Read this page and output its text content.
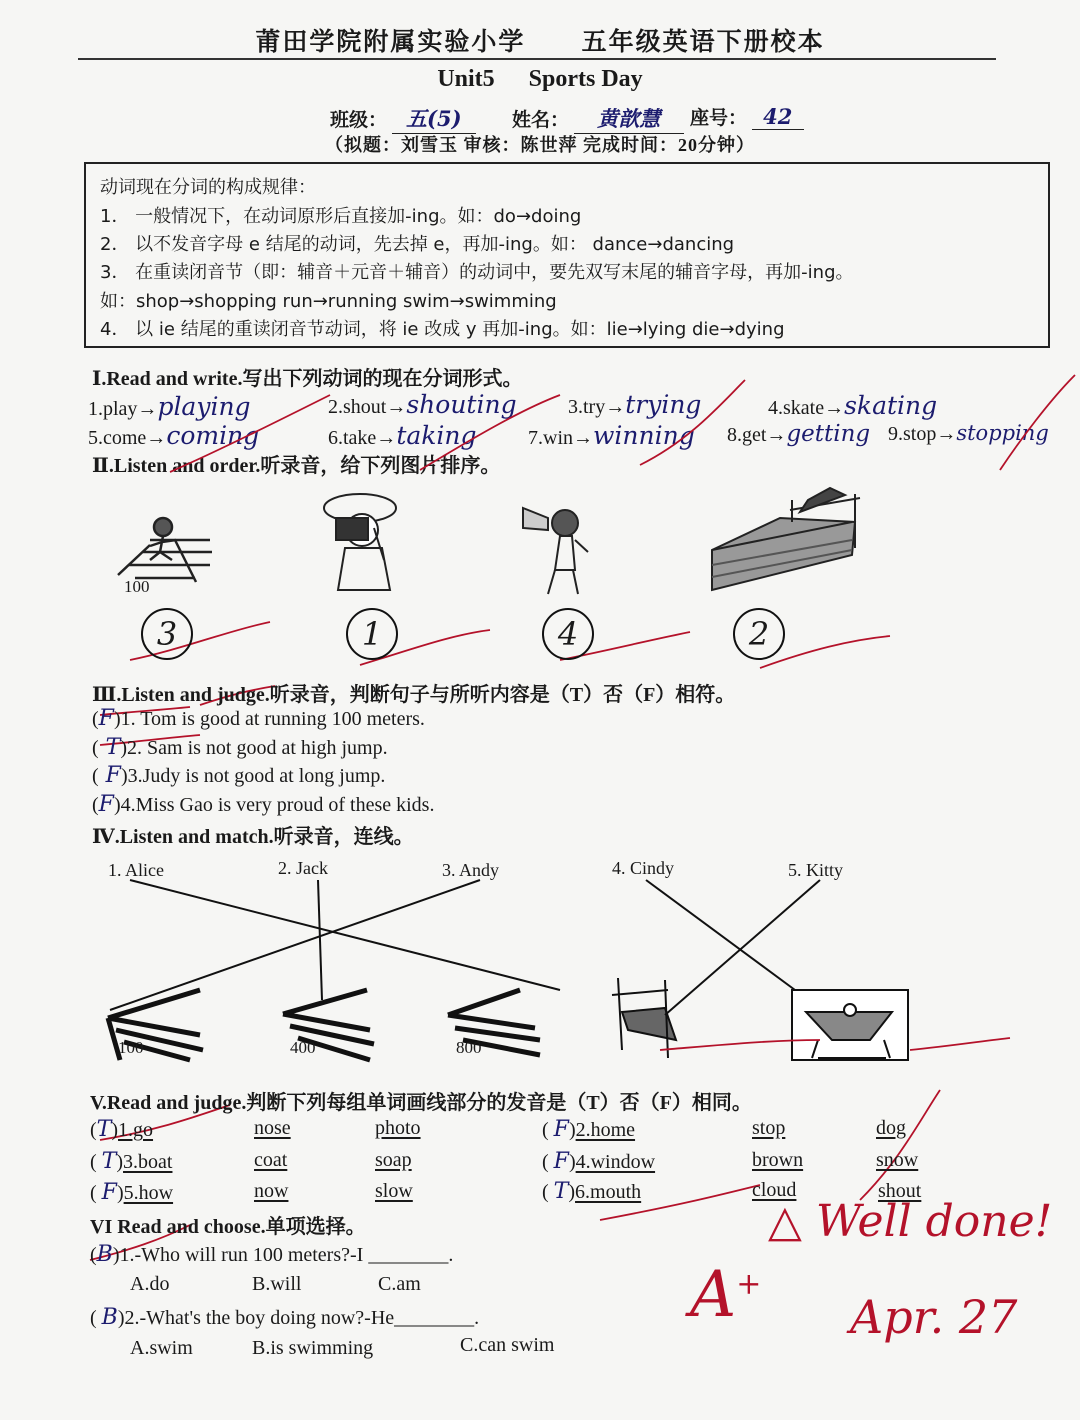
莆田学院附属实验小学 五年级英语下册校本
Unit5 Sports Day
班级： 五(5)	姓名： 黄歆慧	座号： 42
（拟题：刘雪玉 审核：陈世萍 完成时间：20分钟）
动词现在分词的构成规律：
1． 一般情况下，在动词原形后直接加-ing。如：do→doing
2． 以不发音字母 e 结尾的动词，先去掉 e，再加-ing。如： dance→dancing
3． 在重读闭音节（即：辅音＋元音＋辅音）的动词中，要先双写末尾的辅音字母，再加-ing。
如：shop→shopping run→running swim→swimming
4． 以 ie 结尾的重读闭音节动词，将 ie 改成 y 再加-ing。如：lie→lying die→dying
Ⅰ.Read and write.写出下列动词的现在分词形式。
1.play→playing	2.shout→shouting	3.try→trying	4.skate→skating
5.come→coming	6.take→taking	7.win→winning 8.get→getting 9.stop→stopping
Ⅱ.Listen and order.听录音，给下列图片排序。
100
3	1	4	2
Ⅲ.Listen and judge.听录音，判断句子与所听内容是（T）否（F）相符。
(F)1. Tom is good at running 100 meters.
( T)2. Sam is not good at high jump.
( F)3.Judy is not good at long jump.
(F)4.Miss Gao is very proud of these kids.
Ⅳ.Listen and match.听录音，连线。
1. Alice	2. Jack	3. Andy	4. Cindy	5. Kitty
100	400	800
V.Read and judge.判断下列每组单词画线部分的发音是（T）否（F）相同。
(T)1.go	nose	photo	( F)2.home	stop	dog
( T)3.boat	coat	soap	( F)4.window	brown	snow
( F)5.how	now	slow	( T)6.mouth	cloud	shout
VI Read and choose.单项选择。
(B)1.-Who will run 100 meters?-I ________.
A.do	B.will	C.am
( B)2.-What's the boy doing now?-He________.
A.swim	B.is swimming	C.can swim
△ Well done!
A+
Apr. 27
